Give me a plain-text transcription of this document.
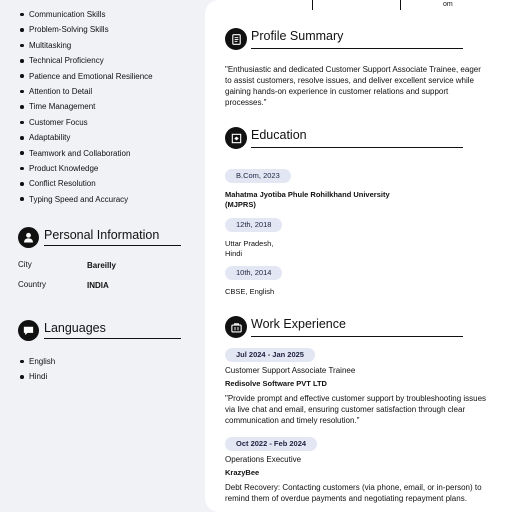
Communication Skills
Problem-Solving Skills
Multitasking
Technical Proficiency
Patience and Emotional Resilience
Attention to Detail
Time Management
Customer Focus
Adaptability
Teamwork and Collaboration
Product Knowledge
Conflict Resolution
Typing Speed and Accuracy
Personal Information
City	Bareilly
Country	INDIA
Languages
English
Hindi
om
Profile Summary
"Enthusiastic and dedicated Customer Support Associate Trainee, eager to assist customers, resolve issues, and deliver excellent service while gaining hands-on experience in customer relations and support processes."
Education
B.Com, 2023
Mahatma Jyotiba Phule Rohilkhand University
(MJPRS)
12th, 2018
Uttar Pradesh,
Hindi
10th, 2014
CBSE, English
Work Experience
Jul 2024 - Jan 2025
Customer Support Associate Trainee
Redisolve Software PVT LTD
"Provide prompt and effective customer support by troubleshooting issues via live chat and email, ensuring customer satisfaction through clear communication and timely resolution."
Oct 2022 - Feb 2024
Operations Executive
KrazyBee
Debt Recovery: Contacting customers (via phone, email, or in-person) to remind them of overdue payments and negotiating repayment plans.
